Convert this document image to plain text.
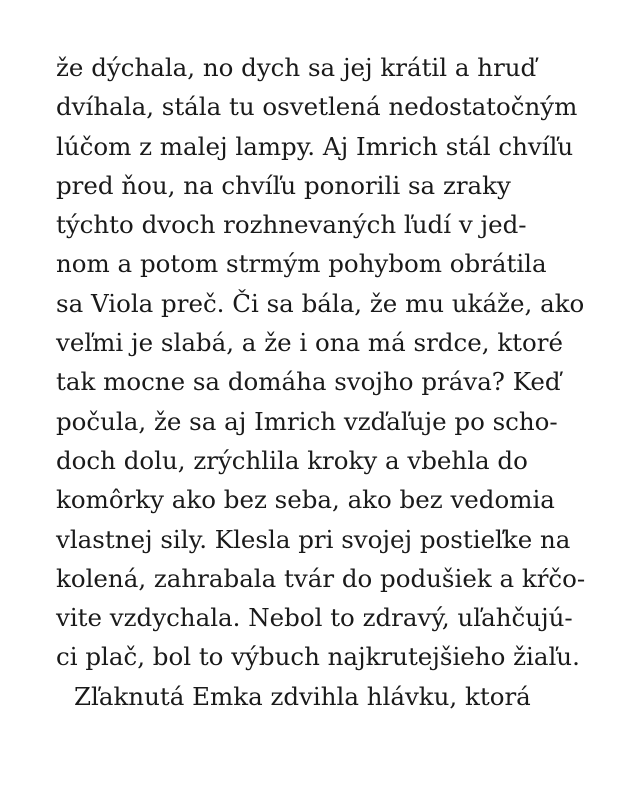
že dýchala, no dych sa jej krátil a hruď
dvíhala, stála tu osvetlená nedostatočným
lúčom z malej lampy. Aj Imrich stál chvíľu
pred ňou, na chvíľu ponorili sa zraky
týchto dvoch rozhnevaných ľudí v jed-
nom a potom strmým pohybom obrátila
sa Viola preč. Či sa bála, že mu ukáže, ako
veľmi je slabá, a že i ona má srdce, ktoré
tak mocne sa domáha svojho práva? Keď
počula, že sa aj Imrich vzďaľuje po scho-
doch dolu, zrýchlila kroky a vbehla do
komôrky ako bez seba, ako bez vedomia
vlastnej sily. Klesla pri svojej postieľke na
kolená, zahrabala tvár do podušiek a kŕčo-
vite vzdychala. Nebol to zdravý, uľahčujú-
ci plač, bol to výbuch najkrutejšieho žiaľu.
Zľaknutá Emka zdvihla hlávku, ktorá
